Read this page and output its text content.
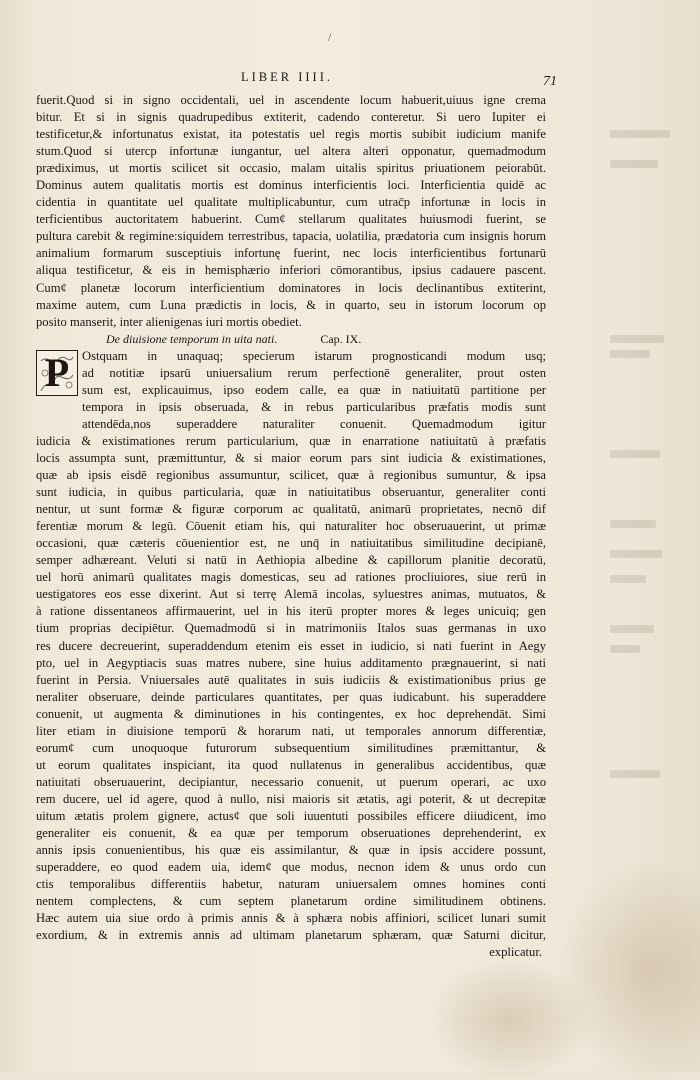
/
LIBER IIII.	71
fuerit.Quod si in signo occidentali, uel in ascendente locum habuerit,uiuus igne crema
bitur. Et si in signis quadrupedibus extiterit, cadendo conteretur. Si uero Iupiter ei
testificetur,& infortunatus existat, ita potestatis uel regis mortis subibit iudicium manife
stum.Quod si utercp infortunæ iungantur, uel altera alteri opponatur, quemadmodum
prædiximus, ut mortis scilicet sit occasio, malam uitalis spiritus priuationem peiorabūt.
Dominus autem qualitatis mortis est dominus interficientis loci. Interficientia quidē ac
cidentia in quantitate uel qualitate multiplicabuntur, cum utrac̄p infortunæ in locis in
terficientibus auctoritatem habuerint. Cum¢ stellarum qualitates huiusmodi fuerint, se
pultura carebit & regimine:siquidem terrestribus, tapacia, uolatilia, prædatoria cum insignis horum
animalium formarum susceptiuis infortunę fuerint, nec locis interficientibus fortunarū
aliqua testificetur, & eis in hemisphærio inferiori cōmorantibus, ipsius cadauere pascent.
Cum¢ planetæ locorum interficientium dominatores in locis declinantibus extiterint,
maxime autem, cum Luna prædictis in locis, & in quarto, seu in istorum locorum op
posito manserit, inter alienigenas iuri mortis obediet.
De diuisione temporum in uita nati.	Cap. IX.
P	Ostquam in unaquaq; specierum istarum prognosticandi modum usq;
ad notitiæ ipsarū uniuersalium rerum perfectionē generaliter, prout osten
sum est, explicauimus, ipso eodem calle, ea quæ in natiuitatū partitione per
tempora in ipsis obseruada, & in rebus particularibus præfatis modis sunt
attendēda,nos superaddere naturaliter conuenit. Quemadmodum igitur
iudicia & existimationes rerum particularium, quæ in enarratione natiuitatū à præfatis
locis assumpta sunt, præmittuntur, & si maior eorum pars sint iudicia & existimationes,
quæ ab ipsis eisdē regionibus assumuntur, scilicet, quæ à regionibus sumuntur, & ipsa
sunt iudicia, in quibus particularia, quæ in natiuitatibus obseruantur, generaliter conti
nentur, ut sunt formæ & figuræ corporum ac qualitatū, animarū proprietates, necnō dif
ferentiæ morum & legū. Cōuenit etiam his, qui naturaliter hoc obseruauerint, ut primæ
occasioni, quæ cæteris cōuenientior est, ne unq̄ in natiuitatibus similitudine decipianē,
semper adhæreant. Veluti si natū in Aethiopia albedine & capillorum planitie decoratū,
uel horū animarū qualitates magis domesticas, seu ad rationes procliuiores, siue rerū in
uestigatores eos esse dixerint. Aut si terrę Alemā incolas, syluestres animas, mutuatos, &
à ratione dissentaneos affirmauerint, uel in his iterū propter mores & leges unicuiq; gen
tium proprias decipiētur. Quemadmodū si in matrimoniis Italos suas germanas in uxo
res ducere decreuerint, superaddendum etenim eis esset in iudicio, si nati fuerint in Aegy
pto, uel in Aegyptiacis suas matres nubere, sine huius additamento prægnauerint, si nati
fuerint in Persia. Vniuersales autē qualitates in suis iudiciis & existimationibus prius ge
neraliter obseruare, deinde particulares quantitates, per quas iudicabunt. his superaddere
conuenit, ut augmenta & diminutiones in his contingentes, ex hoc deprehendāt. Simi
liter etiam in diuisione temporū & horarum nati, ut temporales annorum differentiæ,
eorum¢ cum unoquoque futurorum subsequentium similitudines præmittantur, &
ut eorum qualitates inspiciant, ita quod nullatenus in generalibus accidentibus, quæ
natiuitati obseruauerint, decipiantur, necessario conuenit, ut puerum operari, ac uxo
rem ducere, uel id agere, quod à nullo, nisi maioris sit ætatis, agi poterit, & ut decrepitæ
uitum ætatis prolem gignere, actus¢ que soli iuuentuti possibiles efficere diiudicent, imo
generaliter eis conuenit, & ea quæ per temporum obseruationes deprehenderint, ex
annis ipsis conuenientibus, his quæ eis assimilantur, & quæ in ipsis accidere possunt,
superaddere, eo quod eadem uia, idem¢ que modus, necnon idem & unus ordo cun
ctis temporalibus differentiis habetur, naturam uniuersalem omnes homines conti
nentem complectens, & cum septem planetarum ordine similitudinem obtinens.
Hæc autem uia siue ordo à primis annis & à sphæra nobis affiniori, scilicet lunari sumit
exordium, & in extremis annis ad ultimam planetarum sphæram, quæ Saturni dicitur,
explicatur.
